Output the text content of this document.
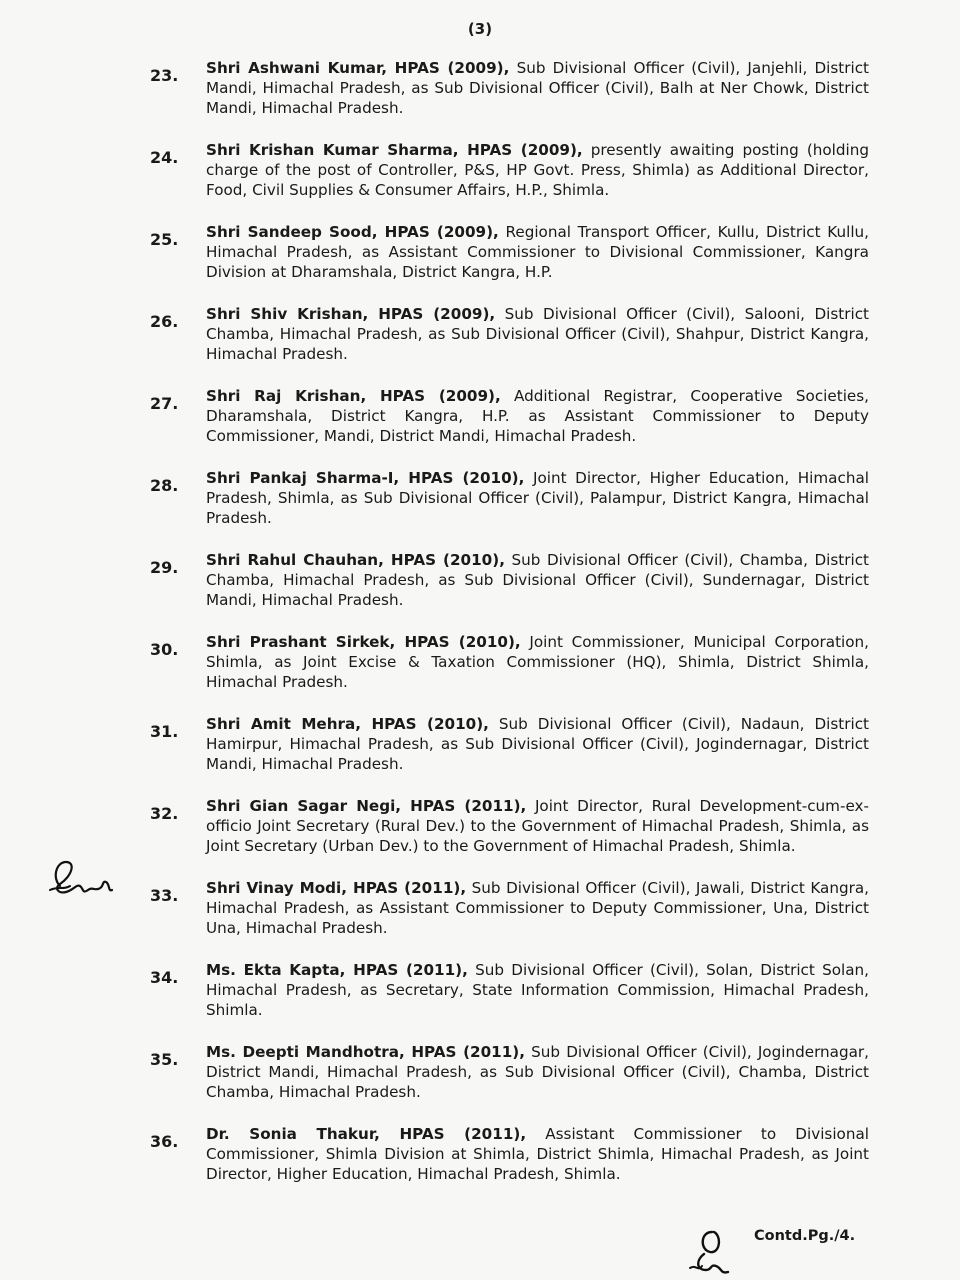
(3)
23. Shri Ashwani Kumar, HPAS (2009), Sub Divisional Officer (Civil), Janjehli, District Mandi, Himachal Pradesh, as Sub Divisional Officer (Civil), Balh at Ner Chowk, District Mandi, Himachal Pradesh.
24. Shri Krishan Kumar Sharma, HPAS (2009), presently awaiting posting (holding charge of the post of Controller, P&S, HP Govt. Press, Shimla) as Additional Director, Food, Civil Supplies & Consumer Affairs, H.P., Shimla.
25. Shri Sandeep Sood, HPAS (2009), Regional Transport Officer, Kullu, District Kullu, Himachal Pradesh, as Assistant Commissioner to Divisional Commissioner, Kangra Division at Dharamshala, District Kangra, H.P.
26. Shri Shiv Krishan, HPAS (2009), Sub Divisional Officer (Civil), Salooni, District Chamba, Himachal Pradesh, as Sub Divisional Officer (Civil), Shahpur, District Kangra, Himachal Pradesh.
27. Shri Raj Krishan, HPAS (2009), Additional Registrar, Cooperative Societies, Dharamshala, District Kangra, H.P. as Assistant Commissioner to Deputy Commissioner, Mandi, District Mandi, Himachal Pradesh.
28. Shri Pankaj Sharma-I, HPAS (2010), Joint Director, Higher Education, Himachal Pradesh, Shimla, as Sub Divisional Officer (Civil), Palampur, District Kangra, Himachal Pradesh.
29. Shri Rahul Chauhan, HPAS (2010), Sub Divisional Officer (Civil), Chamba, District Chamba, Himachal Pradesh, as Sub Divisional Officer (Civil), Sundernagar, District Mandi, Himachal Pradesh.
30. Shri Prashant Sirkek, HPAS (2010), Joint Commissioner, Municipal Corporation, Shimla, as Joint Excise & Taxation Commissioner (HQ), Shimla, District Shimla, Himachal Pradesh.
31. Shri Amit Mehra, HPAS (2010), Sub Divisional Officer (Civil), Nadaun, District Hamirpur, Himachal Pradesh, as Sub Divisional Officer (Civil), Jogindernagar, District Mandi, Himachal Pradesh.
32. Shri Gian Sagar Negi, HPAS (2011), Joint Director, Rural Development-cum-ex-officio Joint Secretary (Rural Dev.) to the Government of Himachal Pradesh, Shimla, as Joint Secretary (Urban Dev.) to the Government of Himachal Pradesh, Shimla.
33. Shri Vinay Modi, HPAS (2011), Sub Divisional Officer (Civil), Jawali, District Kangra, Himachal Pradesh, as Assistant Commissioner to Deputy Commissioner, Una, District Una, Himachal Pradesh.
34. Ms. Ekta Kapta, HPAS (2011), Sub Divisional Officer (Civil), Solan, District Solan, Himachal Pradesh, as Secretary, State Information Commission, Himachal Pradesh, Shimla.
35. Ms. Deepti Mandhotra, HPAS (2011), Sub Divisional Officer (Civil), Jogindernagar, District Mandi, Himachal Pradesh, as Sub Divisional Officer (Civil), Chamba, District Chamba, Himachal Pradesh.
36. Dr. Sonia Thakur, HPAS (2011), Assistant Commissioner to Divisional Commissioner, Shimla Division at Shimla, District Shimla, Himachal Pradesh, as Joint Director, Higher Education, Himachal Pradesh, Shimla.
Contd.Pg./4.
